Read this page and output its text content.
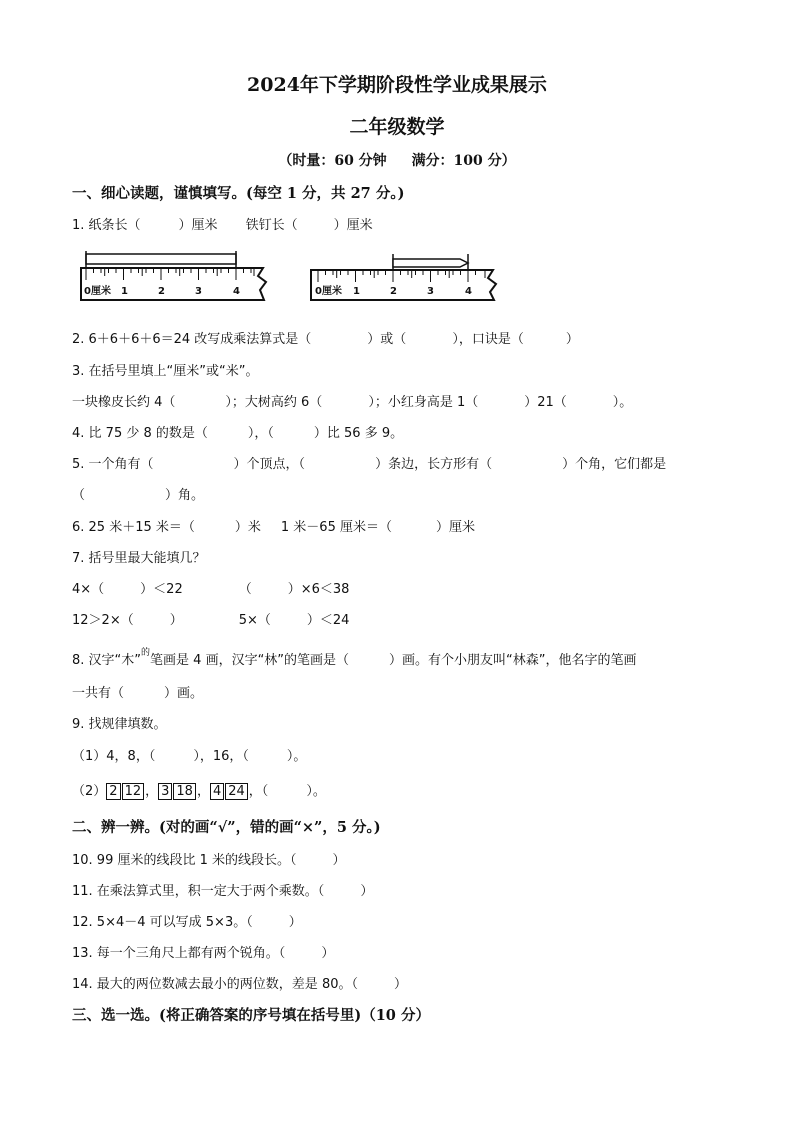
2024年下学期阶段性学业成果展示
二年级数学
（时量：60 分钟 满分：100 分）
一、细心读题，谨慎填写。(每空 1 分，共 27 分。)
1. 纸条长（	）厘米 铁钉长（	）厘米
0厘米 1	2	3	4	0厘米 1	2	3	4
2. 6＋6＋6＋6＝24 改写成乘法算式是（	）或（	），口诀是（	）
3. 在括号里填上“厘米”或“米”。
一块橡皮长约 4（	）；大树高约 6（	）；小红身高是 1（	）21（	）。
4. 比 75 少 8 的数是（	），（	）比 56 多 9。
5. 一个角有（	）个顶点，（	）条边，长方形有（	）个角，它们都是
（	）角。
6. 25 米＋15 米＝（	）米 1 米－65 厘米＝（	）厘米
7. 括号里最大能填几？
4×（	）＜22	（	）×6＜38
12＞2×（	）	5×（	）＜24
8. 汉字“木”$^的$笔画是 4 画，汉字“林”的笔画是（	）画。有个小朋友叫“林森”，他名字的笔画
一共有（	）画。
9. 找规律填数。
（1）4，8，（	），16，（	）。
（2） 2 12 ， 3 18 ， 4 24 ，（	）。
二、辨一辨。(对的画“√”，错的画“×”，5 分。)
10. 99 厘米的线段比 1 米的线段长。（	）
11. 在乘法算式里，积一定大于两个乘数。（	）
12. 5×4－4 可以写成 5×3。（	）
13. 每一个三角尺上都有两个锐角。（	）
14. 最大的两位数减去最小的两位数，差是 80。（	）
三、选一选。(将正确答案的序号填在括号里)（10 分）
